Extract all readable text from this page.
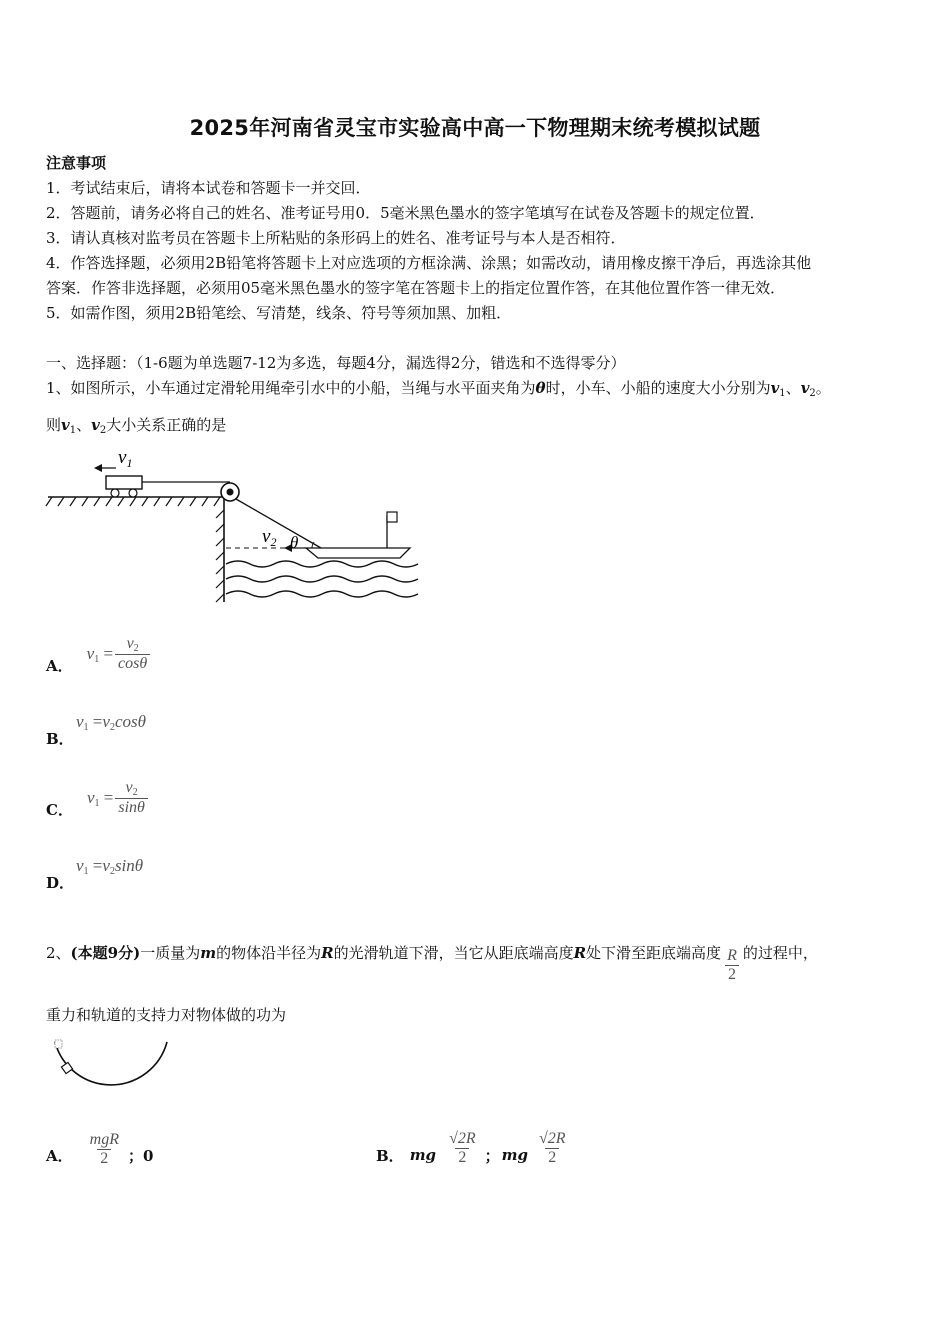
2025年河南省灵宝市实验高中高一下物理期末统考模拟试题
注意事项
1．考试结束后，请将本试卷和答题卡一并交回．
2．答题前，请务必将自己的姓名、准考证号用0．5毫米黑色墨水的签字笔填写在试卷及答题卡的规定位置．
3．请认真核对监考员在答题卡上所粘贴的条形码上的姓名、准考证号与本人是否相符．
4．作答选择题，必须用2B铅笔将答题卡上对应选项的方框涂满、涂黑；如需改动，请用橡皮擦干净后，再选涂其他
答案．作答非选择题，必须用05毫米黑色墨水的签字笔在答题卡上的指定位置作答，在其他位置作答一律无效．
5．如需作图，须用2B铅笔绘、写清楚，线条、符号等须加黑、加粗．
一、选择题：（1-6题为单选题7-12为多选，每题4分，漏选得2分，错选和不选得零分）
1、如图所示，小车通过定滑轮用绳牵引水中的小船，当绳与水平面夹角为θ时，小车、小船的速度大小分别为$v_1$、$v_2$。
则$v_1$、$v_2$大小关系正确的是
$v_1$
$v_2$ θ
A．
$v_1 = \frac{v_2}{\cos\theta}$
B．
$v_1 =v_2\cos\theta$
C．
$v_1 = \frac{v_2}{\sin\theta}$
D．
$v_1 =v_2\sin\theta$
2、(本题9分)一质量为m的物体沿半径为R的光滑轨道下滑，当它从距底端高度R处下滑至距底端高度 $\frac{R}{2}$ 的过程中，
重力和轨道的支持力对物体做的功为
A． $\frac{\text{mgR}}{2}$ ；0	B． mg $\frac{√2R}{2}$ ； mg $\frac{√2R}{2}$
